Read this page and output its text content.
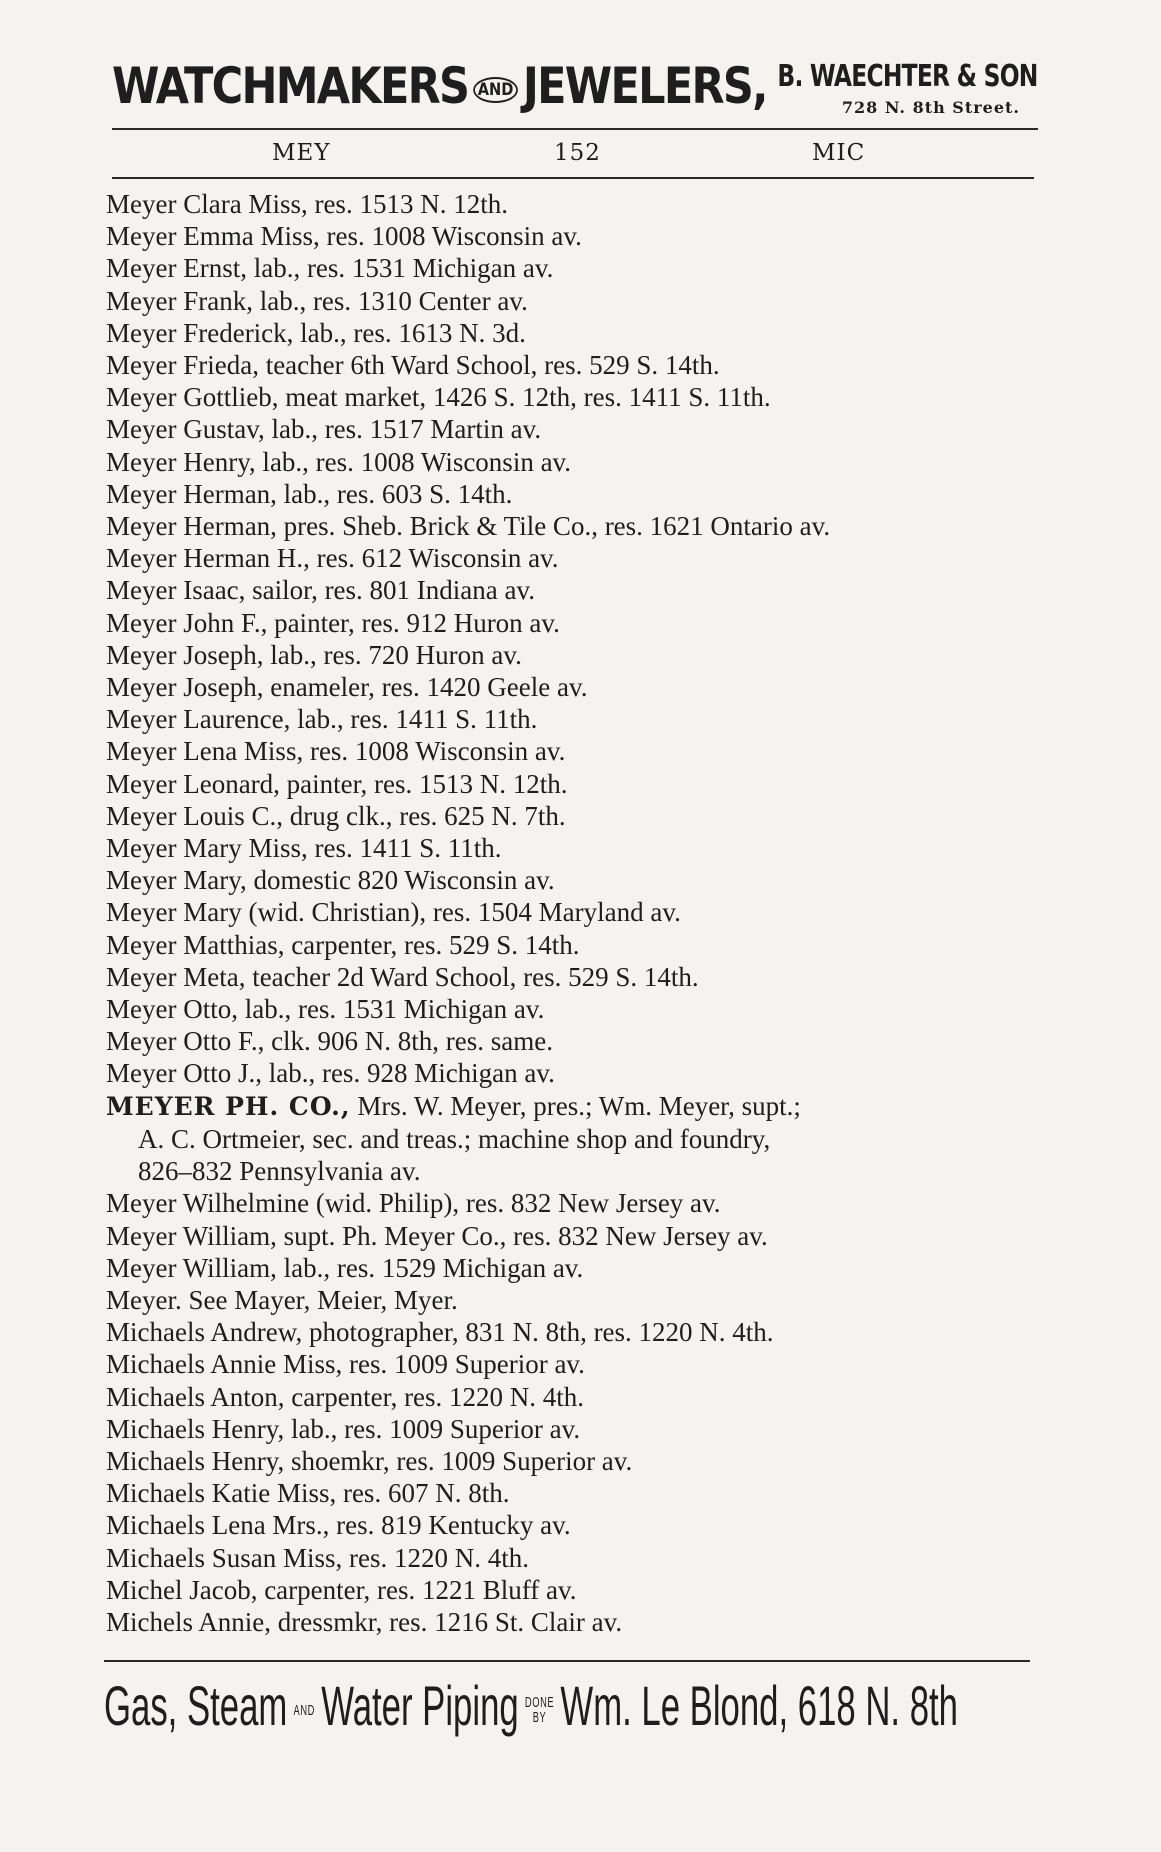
WATCHMAKERS AND JEWELERS, B. WAECHTER & SON
728 N. 8th Street.
MEY	152	MIC
Meyer Clara Miss, res. 1513 N. 12th.
Meyer Emma Miss, res. 1008 Wisconsin av.
Meyer Ernst, lab., res. 1531 Michigan av.
Meyer Frank, lab., res. 1310 Center av.
Meyer Frederick, lab., res. 1613 N. 3d.
Meyer Frieda, teacher 6th Ward School, res. 529 S. 14th.
Meyer Gottlieb, meat market, 1426 S. 12th, res. 1411 S. 11th.
Meyer Gustav, lab., res. 1517 Martin av.
Meyer Henry, lab., res. 1008 Wisconsin av.
Meyer Herman, lab., res. 603 S. 14th.
Meyer Herman, pres. Sheb. Brick & Tile Co., res. 1621 Ontario av.
Meyer Herman H., res. 612 Wisconsin av.
Meyer Isaac, sailor, res. 801 Indiana av.
Meyer John F., painter, res. 912 Huron av.
Meyer Joseph, lab., res. 720 Huron av.
Meyer Joseph, enameler, res. 1420 Geele av.
Meyer Laurence, lab., res. 1411 S. 11th.
Meyer Lena Miss, res. 1008 Wisconsin av.
Meyer Leonard, painter, res. 1513 N. 12th.
Meyer Louis C., drug clk., res. 625 N. 7th.
Meyer Mary Miss, res. 1411 S. 11th.
Meyer Mary, domestic 820 Wisconsin av.
Meyer Mary (wid. Christian), res. 1504 Maryland av.
Meyer Matthias, carpenter, res. 529 S. 14th.
Meyer Meta, teacher 2d Ward School, res. 529 S. 14th.
Meyer Otto, lab., res. 1531 Michigan av.
Meyer Otto F., clk. 906 N. 8th, res. same.
Meyer Otto J., lab., res. 928 Michigan av.
MEYER PH. CO., Mrs. W. Meyer, pres.; Wm. Meyer, supt.;
A. C. Ortmeier, sec. and treas.; machine shop and foundry,
826–832 Pennsylvania av.
Meyer Wilhelmine (wid. Philip), res. 832 New Jersey av.
Meyer William, supt. Ph. Meyer Co., res. 832 New Jersey av.
Meyer William, lab., res. 1529 Michigan av.
Meyer. See Mayer, Meier, Myer.
Michaels Andrew, photographer, 831 N. 8th, res. 1220 N. 4th.
Michaels Annie Miss, res. 1009 Superior av.
Michaels Anton, carpenter, res. 1220 N. 4th.
Michaels Henry, lab., res. 1009 Superior av.
Michaels Henry, shoemkr, res. 1009 Superior av.
Michaels Katie Miss, res. 607 N. 8th.
Michaels Lena Mrs., res. 819 Kentucky av.
Michaels Susan Miss, res. 1220 N. 4th.
Michel Jacob, carpenter, res. 1221 Bluff av.
Michels Annie, dressmkr, res. 1216 St. Clair av.
Gas, Steam AND Water Piping DONE
BY Wm. Le Blond, 618 N. 8th
